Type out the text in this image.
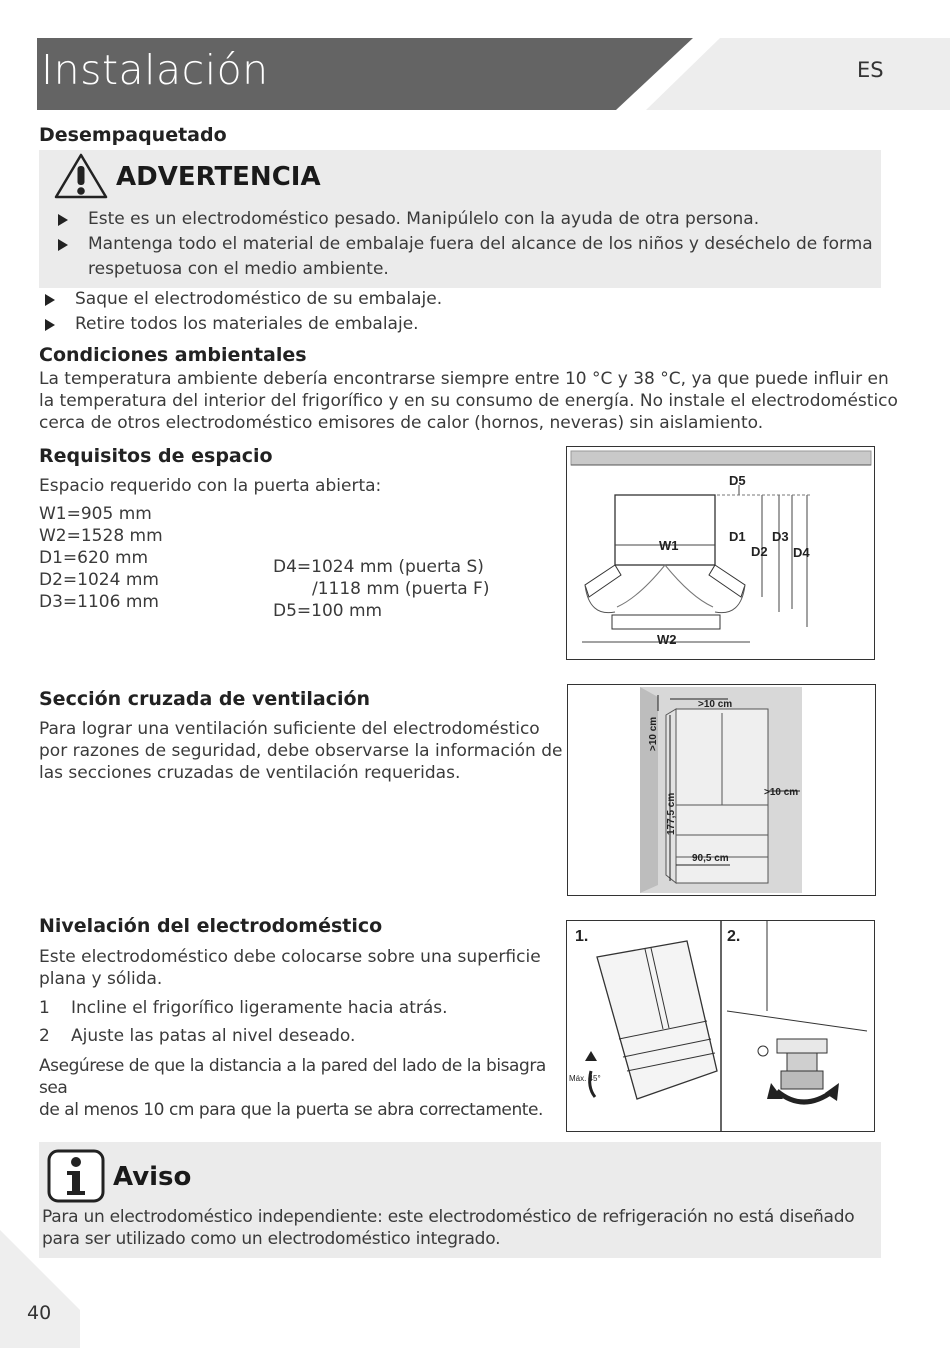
Instalación	ES
Desempaquetado
ADVERTENCIA
Este es un electrodoméstico pesado. Manipúlelo con la ayuda de otra persona.
Mantenga todo el material de embalaje fuera del alcance de los niños y deséchelo de forma
respetuosa con el medio ambiente.
Saque el electrodoméstico de su embalaje.
Retire todos los materiales de embalaje.
Condiciones ambientales
La temperatura ambiente debería encontrarse siempre entre 10 °C y 38 °C, ya que puede influir en
la temperatura del interior del frigorífico y en su consumo de energía. No instale el electrodoméstico
cerca de otros electrodoméstico emisores de calor (hornos, neveras) sin aislamiento.
Requisitos de espacio
Espacio requerido con la puerta abierta:
W1=905 mm
W2=1528 mm
D1=620 mm
D2=1024 mm
D3=1106 mm
D4=1024 mm (puerta S)
/1118 mm (puerta F)
D5=100 mm
D5
W1
D1
D2
D3
D4
W2
Sección cruzada de ventilación
Para lograr una ventilación suficiente del electrodoméstico
por razones de seguridad, debe observarse la información de
las secciones cruzadas de ventilación requeridas.
>10 cm
>10 cm
>10 cm
177,5 cm
90,5 cm
Nivelación del electrodoméstico
Este electrodoméstico debe colocarse sobre una superficie
plana y sólida.
1 Incline el frigorífico ligeramente hacia atrás.
2 Ajuste las patas al nivel deseado.
Asegúrese de que la distancia a la pared del lado de la bisagra sea
de al menos 10 cm para que la puerta se abra correctamente.
1.	2.
Máx. 45°
Aviso
Para un electrodoméstico independiente: este electrodoméstico de refrigeración no está diseñado
para ser utilizado como un electrodoméstico integrado.
40
